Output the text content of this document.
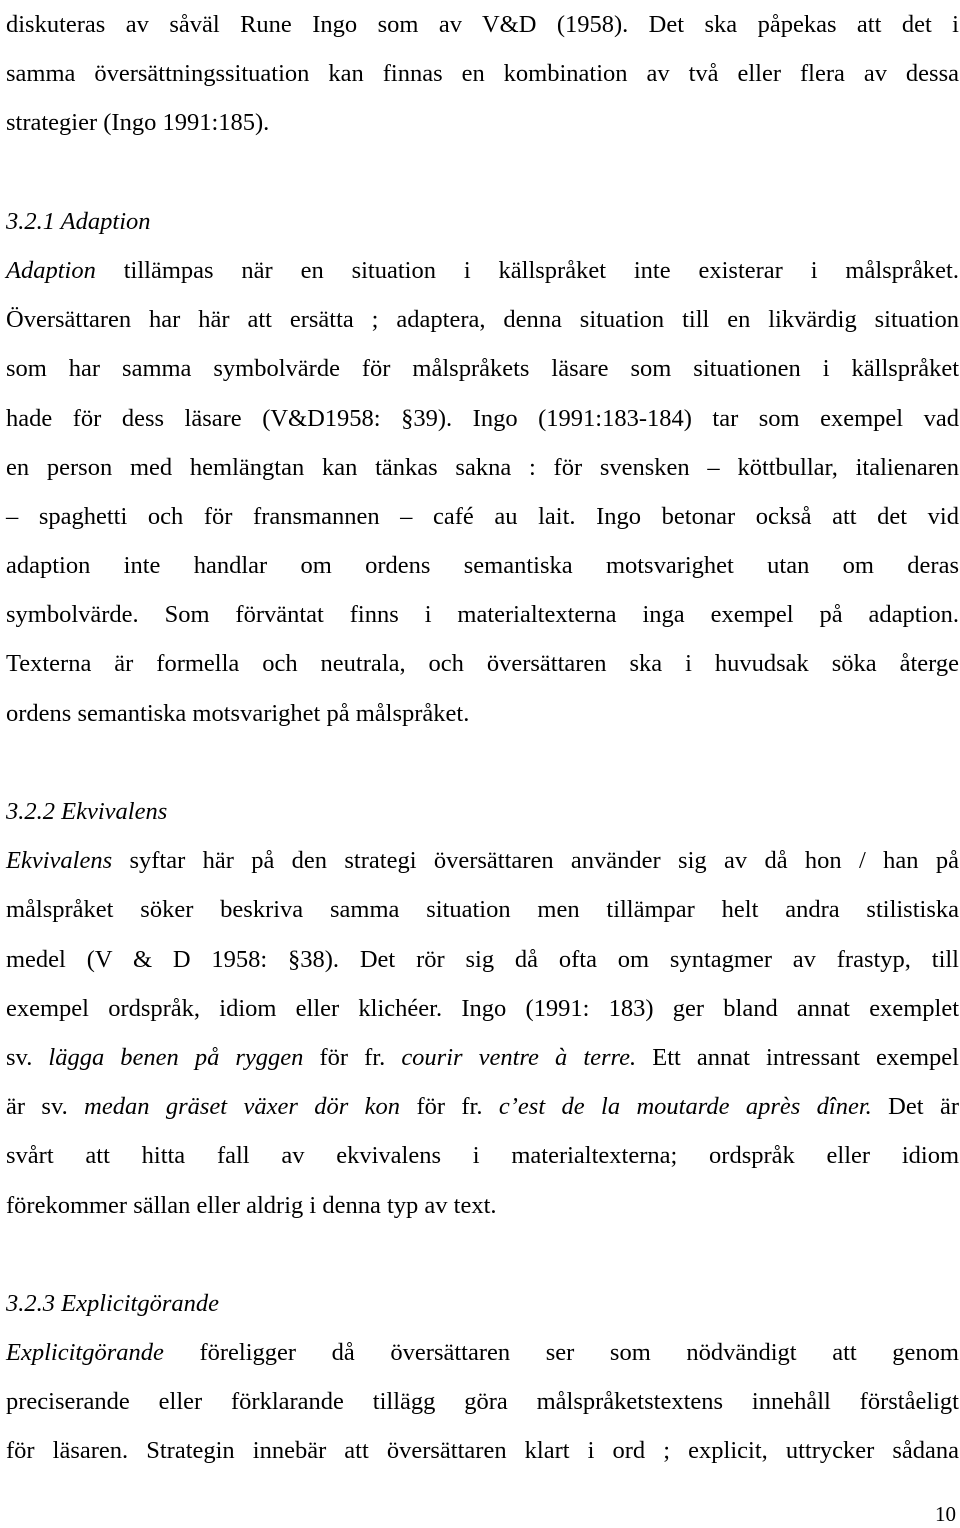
diskuteras av såväl Rune Ingo som av V&D (1958). Det ska påpekas att det i
samma översättningssituation kan finnas en kombination av två eller flera av dessa
strategier (Ingo 1991:185).
3.2.1 Adaption
Adaption tillämpas när en situation i källspråket inte existerar i målspråket.
Översättaren har här att ersätta ; adaptera, denna situation till en likvärdig situation
som har samma symbolvärde för målspråkets läsare som situationen i källspråket
hade för dess läsare (V&D1958: §39). Ingo (1991:183-184) tar som exempel vad
en person med hemlängtan kan tänkas sakna : för svensken – köttbullar, italienaren
– spaghetti och för fransmannen – café au lait. Ingo betonar också att det vid
adaption inte handlar om ordens semantiska motsvarighet utan om deras
symbolvärde. Som förväntat finns i materialtexterna inga exempel på adaption.
Texterna är formella och neutrala, och översättaren ska i huvudsak söka återge
ordens semantiska motsvarighet på målspråket.
3.2.2 Ekvivalens
Ekvivalens syftar här på den strategi översättaren använder sig av då hon / han på
målspråket söker beskriva samma situation men tillämpar helt andra stilistiska
medel (V & D 1958: §38). Det rör sig då ofta om syntagmer av frastyp, till
exempel ordspråk, idiom eller klichéer. Ingo (1991: 183) ger bland annat exemplet
sv. lägga benen på ryggen för fr. courir ventre à terre. Ett annat intressant exempel
är sv. medan gräset växer dör kon för fr. c’est de la moutarde après dîner. Det är
svårt att hitta fall av ekvivalens i materialtexterna; ordspråk eller idiom
förekommer sällan eller aldrig i denna typ av text.
3.2.3 Explicitgörande
Explicitgörande föreligger då översättaren ser som nödvändigt att genom
preciserande eller förklarande tillägg göra målspråketstextens innehåll förståeligt
för läsaren. Strategin innebär att översättaren klart i ord ; explicit, uttrycker sådana
10
